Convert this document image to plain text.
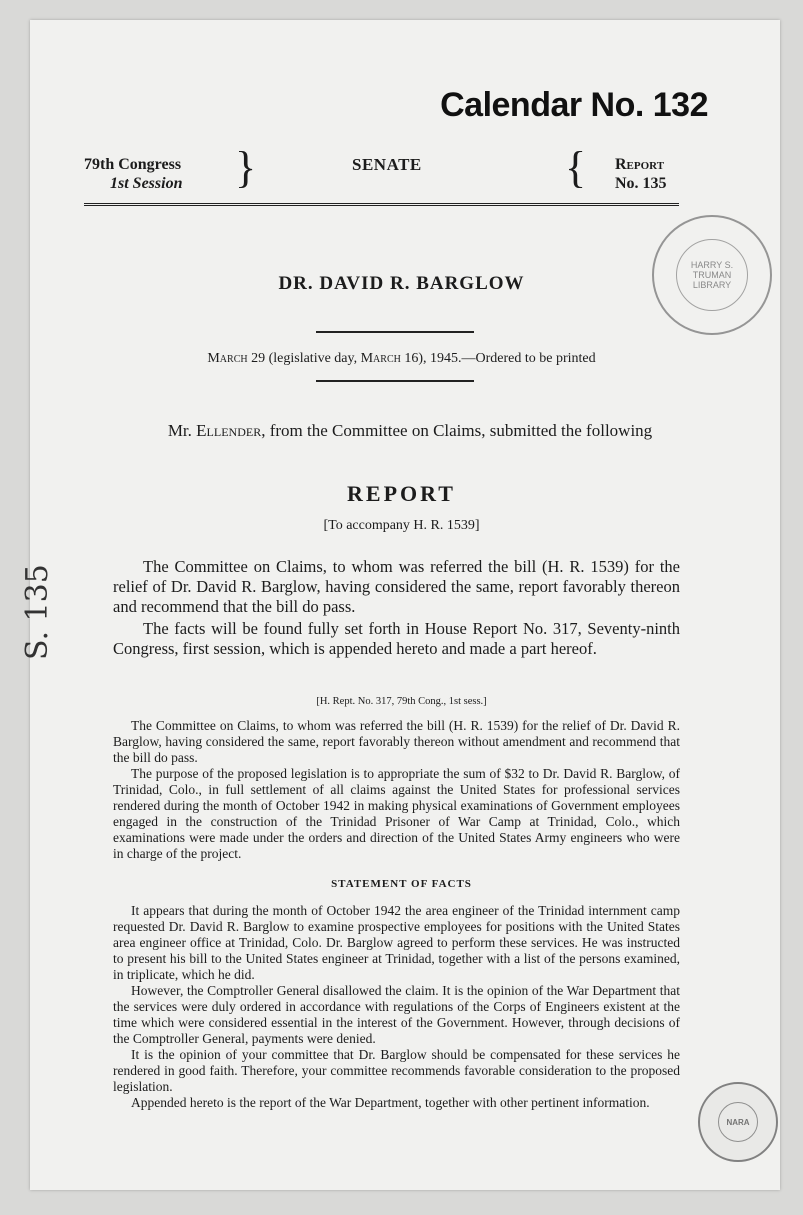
Calendar No. 132
79th Congress
1st Session }	SENATE	{ Report
No. 135
DR. DAVID R. BARGLOW
March 29 (legislative day, March 16), 1945.—Ordered to be printed
Mr. Ellender, from the Committee on Claims, submitted the following
REPORT
[To accompany H. R. 1539]

The Committee on Claims, to whom was referred the bill (H. R. 1539) for the relief of Dr. David R. Barglow, having considered the same, report favorably thereon and recommend that the bill do pass.

The facts will be found fully set forth in House Report No. 317, Seventy-ninth Congress, first session, which is appended hereto and made a part hereof.

[H. Rept. No. 317, 79th Cong., 1st sess.]

The Committee on Claims, to whom was referred the bill (H. R. 1539) for the relief of Dr. David R. Barglow, having considered the same, report favorably thereon without amendment and recommend that the bill do pass.

The purpose of the proposed legislation is to appropriate the sum of $32 to Dr. David R. Barglow, of Trinidad, Colo., in full settlement of all claims against the United States for professional services rendered during the month of October 1942 in making physical examinations of Government employees engaged in the construction of the Trinidad Prisoner of War Camp at Trinidad, Colo., which examinations were made under the orders and direction of the United States Army engineers who were in charge of the project.

STATEMENT OF FACTS

It appears that during the month of October 1942 the area engineer of the Trinidad internment camp requested Dr. David R. Barglow to examine prospective employees for positions with the United States area engineer office at Trinidad, Colo. Dr. Barglow agreed to perform these services. He was instructed to present his bill to the United States engineer at Trinidad, together with a list of the persons examined, in triplicate, which he did.

However, the Comptroller General disallowed the claim. It is the opinion of the War Department that the services were duly ordered in accordance with regulations of the Corps of Engineers existent at the time which were considered essential in the interest of the Government. However, through decisions of the Comptroller General, payments were denied.

It is the opinion of your committee that Dr. Barglow should be compensated for these services he rendered in good faith. Therefore, your committee recommends favorable consideration to the proposed legislation.

Appended hereto is the report of the War Department, together with other pertinent information.

S. 135
HARRY S. TRUMAN LIBRARY
NARA
